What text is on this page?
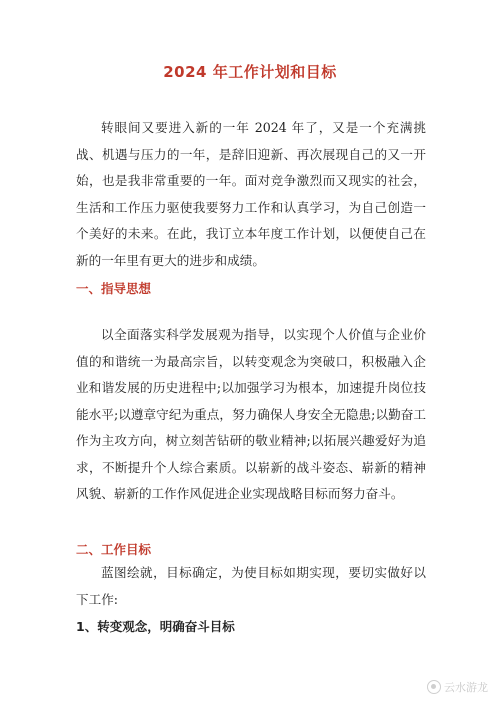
2024 年工作计划和目标

转眼间又要进入新的一年 2024 年了，又是一个充满挑战、机遇与压力的一年，是辞旧迎新、再次展现自己的又一开始，也是我非常重要的一年。面对竞争激烈而又现实的社会，生活和工作压力驱使我要努力工作和认真学习，为自己创造一个美好的未来。在此，我订立本年度工作计划，以便使自己在新的一年里有更大的进步和成绩。

一、指导思想

以全面落实科学发展观为指导，以实现个人价值与企业价值的和谐统一为最高宗旨，以转变观念为突破口，积极融入企业和谐发展的历史进程中;以加强学习为根本，加速提升岗位技能水平;以遵章守纪为重点，努力确保人身安全无隐患;以勤奋工作为主攻方向，树立刻苦钻研的敬业精神;以拓展兴趣爱好为追求，不断提升个人综合素质。以崭新的战斗姿态、崭新的精神风貌、崭新的工作作风促进企业实现战略目标而努力奋斗。

二、工作目标

蓝图绘就，目标确定，为使目标如期实现，要切实做好以下工作:

1、转变观念，明确奋斗目标
云水游龙
